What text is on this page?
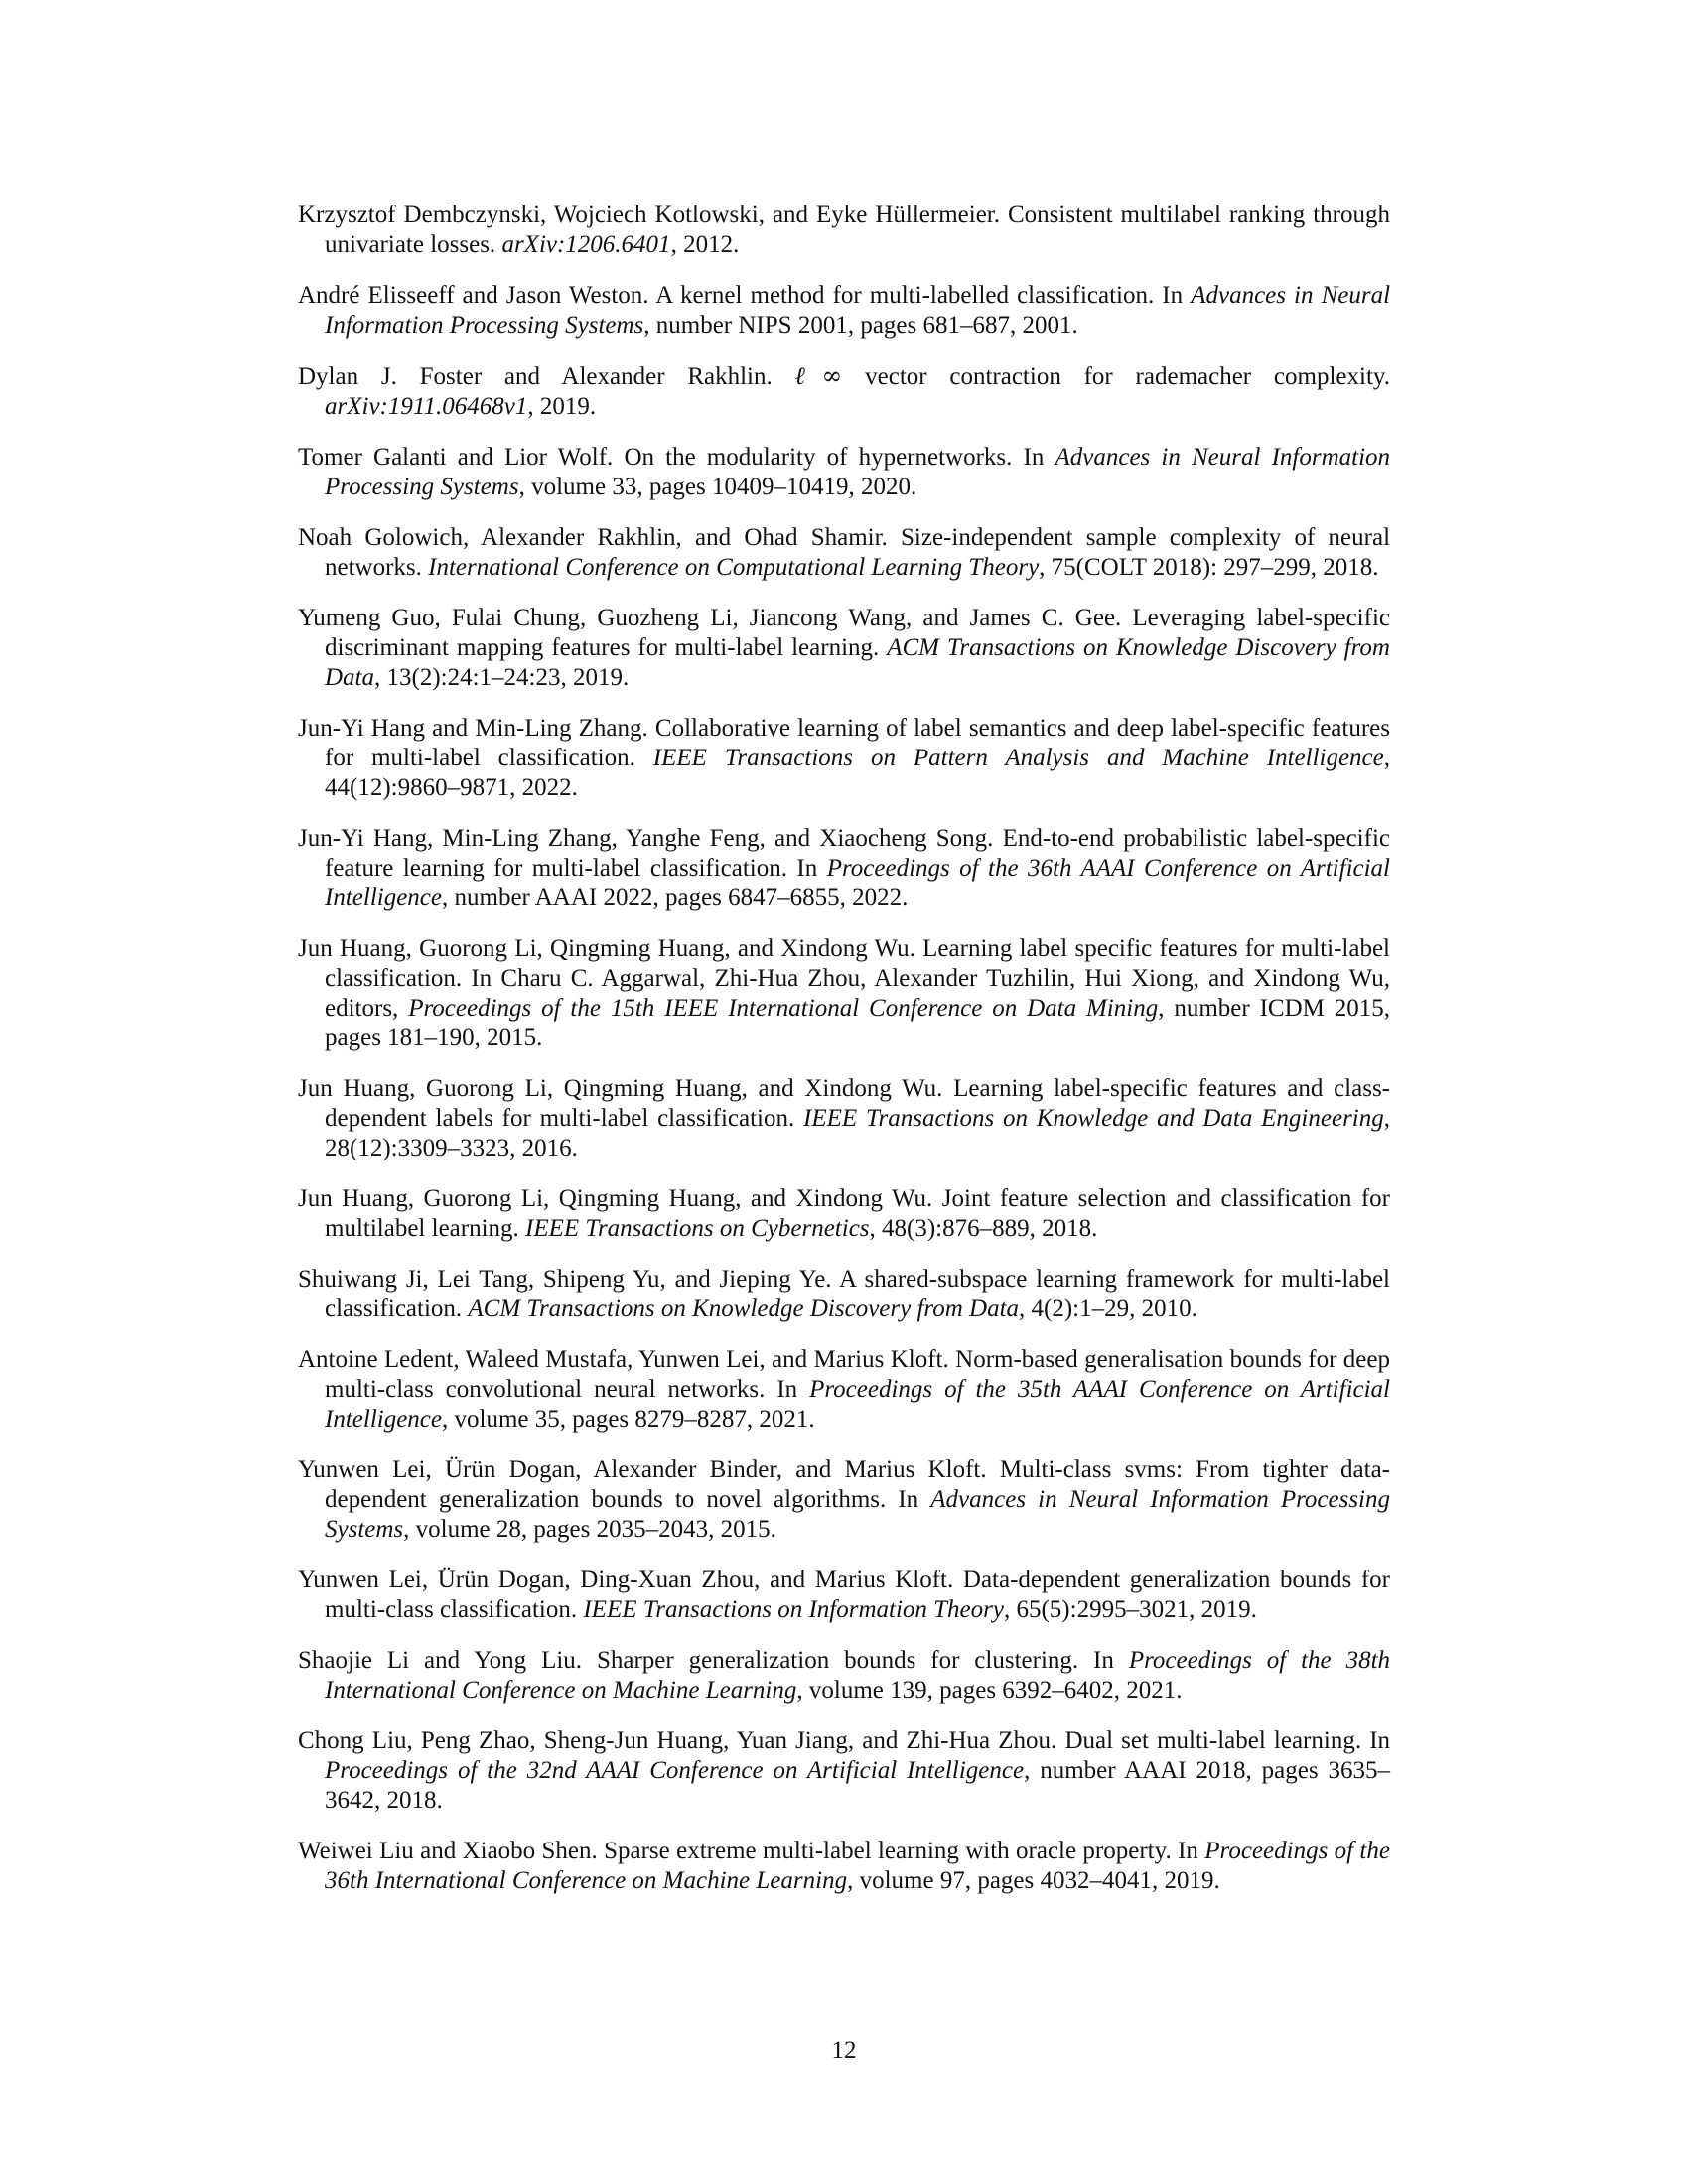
Krzysztof Dembczynski, Wojciech Kotlowski, and Eyke Hüllermeier. Consistent multilabel ranking through univariate losses. arXiv:1206.6401, 2012.

André Elisseeff and Jason Weston. A kernel method for multi-labelled classification. In Advances in Neural Information Processing Systems, number NIPS 2001, pages 681–687, 2001.

Dylan J. Foster and Alexander Rakhlin. ℓ∞ vector contraction for rademacher complexity. arXiv:1911.06468v1, 2019.

Tomer Galanti and Lior Wolf. On the modularity of hypernetworks. In Advances in Neural Information Processing Systems, volume 33, pages 10409–10419, 2020.

Noah Golowich, Alexander Rakhlin, and Ohad Shamir. Size-independent sample complexity of neural networks. International Conference on Computational Learning Theory, 75(COLT 2018): 297–299, 2018.

Yumeng Guo, Fulai Chung, Guozheng Li, Jiancong Wang, and James C. Gee. Leveraging label-specific discriminant mapping features for multi-label learning. ACM Transactions on Knowledge Discovery from Data, 13(2):24:1–24:23, 2019.

Jun-Yi Hang and Min-Ling Zhang. Collaborative learning of label semantics and deep label-specific features for multi-label classification. IEEE Transactions on Pattern Analysis and Machine Intelligence, 44(12):9860–9871, 2022.

Jun-Yi Hang, Min-Ling Zhang, Yanghe Feng, and Xiaocheng Song. End-to-end probabilistic label-specific feature learning for multi-label classification. In Proceedings of the 36th AAAI Conference on Artificial Intelligence, number AAAI 2022, pages 6847–6855, 2022.

Jun Huang, Guorong Li, Qingming Huang, and Xindong Wu. Learning label specific features for multi-label classification. In Charu C. Aggarwal, Zhi-Hua Zhou, Alexander Tuzhilin, Hui Xiong, and Xindong Wu, editors, Proceedings of the 15th IEEE International Conference on Data Mining, number ICDM 2015, pages 181–190, 2015.

Jun Huang, Guorong Li, Qingming Huang, and Xindong Wu. Learning label-specific features and class-dependent labels for multi-label classification. IEEE Transactions on Knowledge and Data Engineering, 28(12):3309–3323, 2016.

Jun Huang, Guorong Li, Qingming Huang, and Xindong Wu. Joint feature selection and classification for multilabel learning. IEEE Transactions on Cybernetics, 48(3):876–889, 2018.

Shuiwang Ji, Lei Tang, Shipeng Yu, and Jieping Ye. A shared-subspace learning framework for multi-label classification. ACM Transactions on Knowledge Discovery from Data, 4(2):1–29, 2010.

Antoine Ledent, Waleed Mustafa, Yunwen Lei, and Marius Kloft. Norm-based generalisation bounds for deep multi-class convolutional neural networks. In Proceedings of the 35th AAAI Conference on Artificial Intelligence, volume 35, pages 8279–8287, 2021.

Yunwen Lei, Ürün Dogan, Alexander Binder, and Marius Kloft. Multi-class svms: From tighter data-dependent generalization bounds to novel algorithms. In Advances in Neural Information Processing Systems, volume 28, pages 2035–2043, 2015.

Yunwen Lei, Ürün Dogan, Ding-Xuan Zhou, and Marius Kloft. Data-dependent generalization bounds for multi-class classification. IEEE Transactions on Information Theory, 65(5):2995–3021, 2019.

Shaojie Li and Yong Liu. Sharper generalization bounds for clustering. In Proceedings of the 38th International Conference on Machine Learning, volume 139, pages 6392–6402, 2021.

Chong Liu, Peng Zhao, Sheng-Jun Huang, Yuan Jiang, and Zhi-Hua Zhou. Dual set multi-label learning. In Proceedings of the 32nd AAAI Conference on Artificial Intelligence, number AAAI 2018, pages 3635–3642, 2018.

Weiwei Liu and Xiaobo Shen. Sparse extreme multi-label learning with oracle property. In Proceedings of the 36th International Conference on Machine Learning, volume 97, pages 4032–4041, 2019.

12
